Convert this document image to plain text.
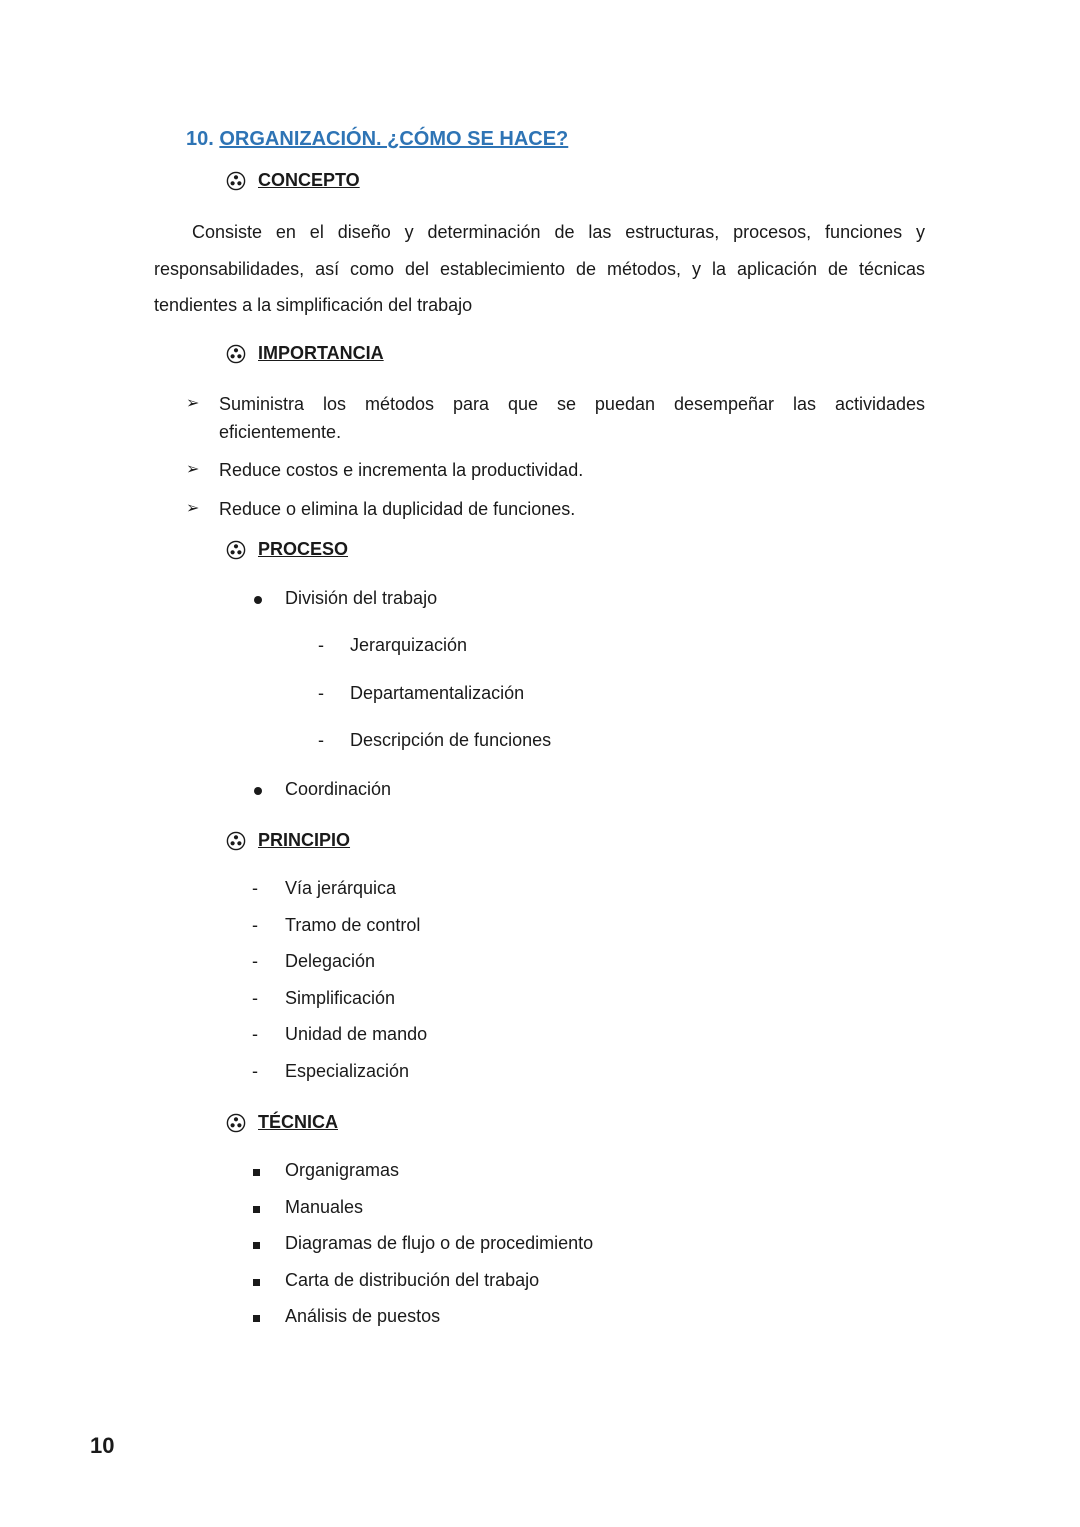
10. ORGANIZACIÓN. ¿CÓMO SE HACE?
CONCEPTO
Consiste en el diseño y determinación de las estructuras, procesos, funciones y responsabilidades, así como del establecimiento de métodos, y la aplicación de técnicas tendientes a la simplificación del trabajo
IMPORTANCIA
➢	Suministra los métodos para que se puedan desempeñar las actividades
eficientemente.
➢	Reduce costos e incrementa la productividad.
➢	Reduce o elimina la duplicidad de funciones.
PROCESO
División del trabajo
-	Jerarquización
-	Departamentalización
-	Descripción de funciones
Coordinación
PRINCIPIO
-	Vía jerárquica
-	Tramo de control
-	Delegación
-	Simplificación
-	Unidad de mando
-	Especialización
TÉCNICA
Organigramas
Manuales
Diagramas de flujo o de procedimiento
Carta de distribución del trabajo
Análisis de puestos
10
